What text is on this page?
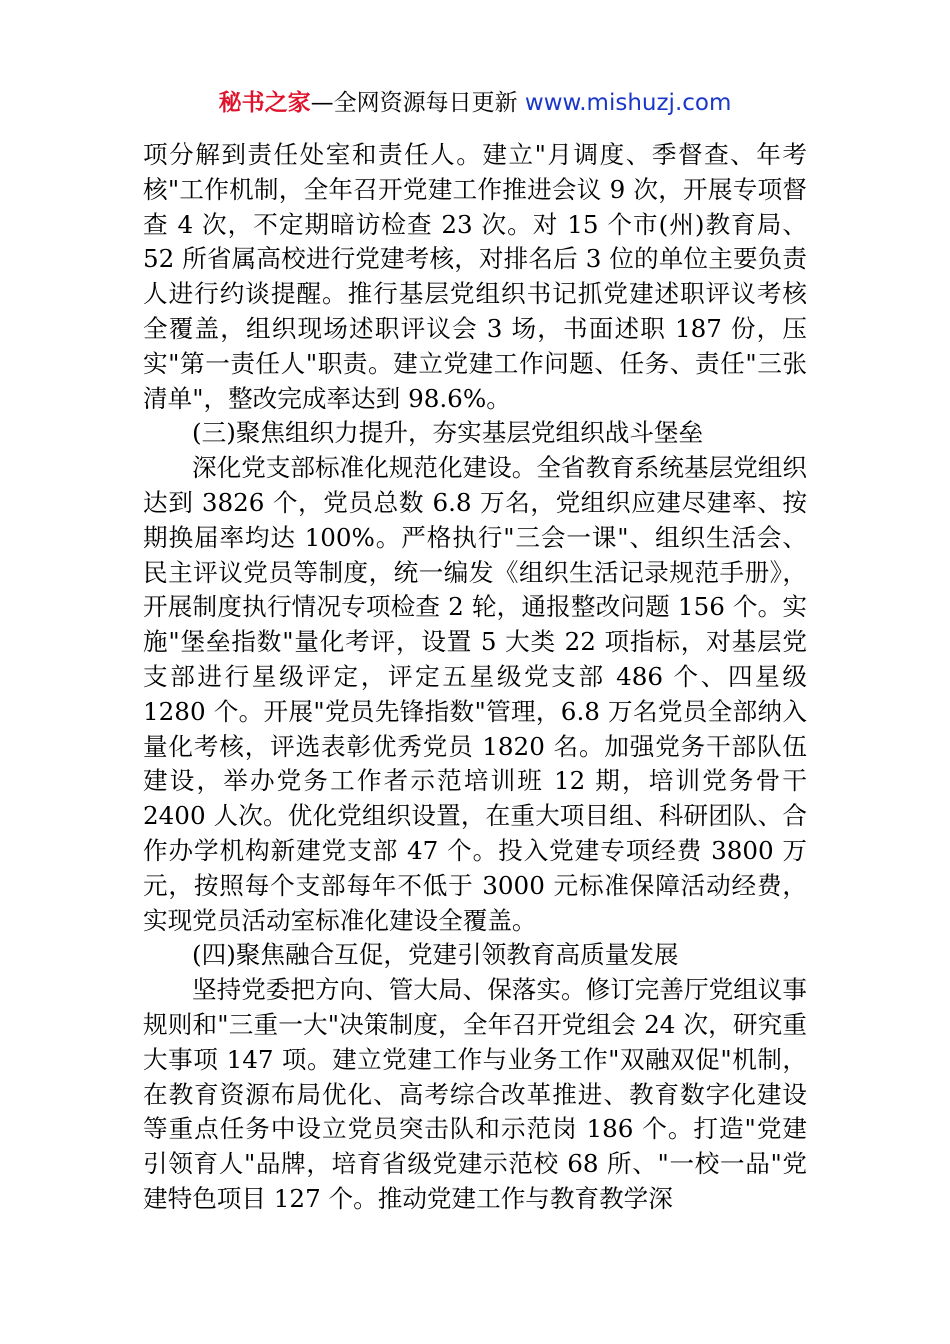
秘书之家—全网资源每日更新 www.mishuzj.com

项分解到责任处室和责任人。建立"月调度、季督查、年考核"工作机制，全年召开党建工作推进会议 9 次，开展专项督查 4 次，不定期暗访检查 23 次。对 15 个市(州)教育局、52 所省属高校进行党建考核，对排名后 3 位的单位主要负责人进行约谈提醒。推行基层党组织书记抓党建述职评议考核全覆盖，组织现场述职评议会 3 场，书面述职 187 份，压实"第一责任人"职责。建立党建工作问题、任务、责任"三张清单"，整改完成率达到 98.6%。

(三)聚焦组织力提升，夯实基层党组织战斗堡垒

深化党支部标准化规范化建设。全省教育系统基层党组织达到 3826 个，党员总数 6.8 万名，党组织应建尽建率、按期换届率均达 100%。严格执行"三会一课"、组织生活会、民主评议党员等制度，统一编发《组织生活记录规范手册》，开展制度执行情况专项检查 2 轮，通报整改问题 156 个。实施"堡垒指数"量化考评，设置 5 大类 22 项指标，对基层党支部进行星级评定，评定五星级党支部 486 个、四星级 1280 个。开展"党员先锋指数"管理，6.8 万名党员全部纳入量化考核，评选表彰优秀党员 1820 名。加强党务干部队伍建设，举办党务工作者示范培训班 12 期，培训党务骨干 2400 人次。优化党组织设置，在重大项目组、科研团队、合作办学机构新建党支部 47 个。投入党建专项经费 3800 万元，按照每个支部每年不低于 3000 元标准保障活动经费，实现党员活动室标准化建设全覆盖。

(四)聚焦融合互促，党建引领教育高质量发展

坚持党委把方向、管大局、保落实。修订完善厅党组议事规则和"三重一大"决策制度，全年召开党组会 24 次，研究重大事项 147 项。建立党建工作与业务工作"双融双促"机制，在教育资源布局优化、高考综合改革推进、教育数字化建设等重点任务中设立党员突击队和示范岗 186 个。打造"党建引领育人"品牌，培育省级党建示范校 68 所、"一校一品"党建特色项目 127 个。推动党建工作与教育教学深
